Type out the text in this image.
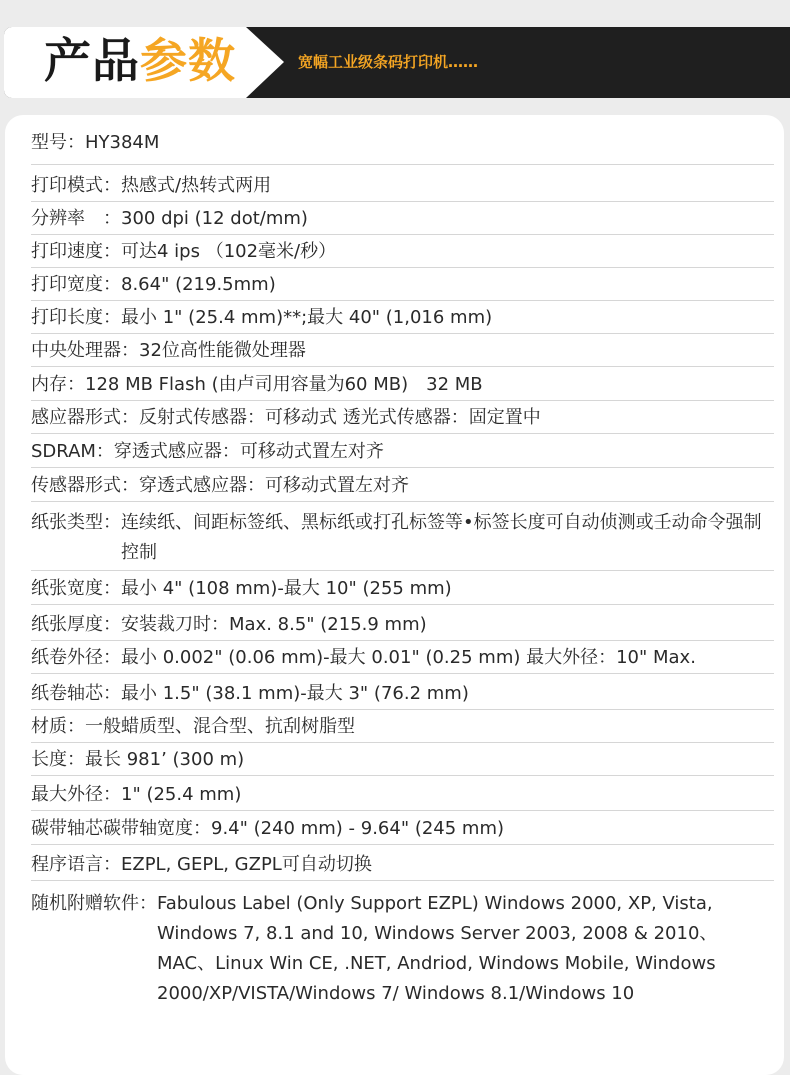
产品参数	宽幅工业级条码打印机……
型号： HY384M
打印模式： 热感式/热转式两用
分辨率　： 300 dpi (12 dot/mm)
打印速度： 可达4 ips （102毫米/秒）
打印宽度： 8.64" (219.5mm)
打印长度： 最小 1" (25.4 mm)**;最大 40" (1,016 mm)
中央处理器： 32位高性能微处理器
内存： 128 MB Flash (由卢司用容量为60 MB)　32 MB
感应器形式： 反射式传感器：可移动式 透光式传感器：固定置中
SDRAM： 穿透式感应器：可移动式置左对齐
传感器形式： 穿透式感应器：可移动式置左对齐
纸张类型： 连续纸、间距标签纸、黑标纸或打孔标签等•标签长度可自动侦测或壬动命令强制控制
纸张宽度： 最小 4" (108 mm)-最大 10" (255 mm)
纸张厚度： 安装裁刀时：Max. 8.5" (215.9 mm)
纸卷外径： 最小 0.002" (0.06 mm)-最大 0.01" (0.25 mm) 最大外径：10" Max.
纸卷轴芯： 最小 1.5" (38.1 mm)-最大 3" (76.2 mm)
材质： 一般蜡质型、混合型、抗刮树脂型
长度： 最长 981’ (300 m)
最大外径： 1" (25.4 mm)
碳带轴芯 碳带轴宽度：9.4" (240 mm) - 9.64" (245 mm)
程序语言： EZPL, GEPL, GZPL可自动切换
随机附赠软件： Fabulous Label (Only Support EZPL) Windows 2000, XP, Vista, Windows 7, 8.1 and 10, Windows Server 2003, 2008 & 2010、MAC、Linux Win CE, .NET, Andriod, Windows Mobile, Windows 2000/XP/VISTA/Windows 7/ Windows 8.1/Windows 10
